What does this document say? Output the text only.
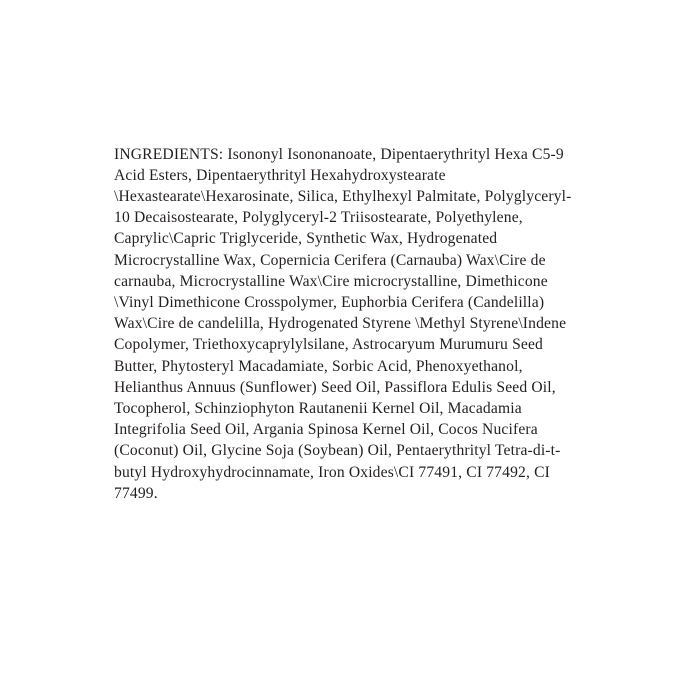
INGREDIENTS: Isononyl Isononanoate, Dipentaerythrityl Hexa C5-9 Acid Esters, Dipentaerythrityl Hexahydroxystearate \Hexastearate\Hexarosinate, Silica, Ethylhexyl Palmitate, Polyglyceryl-10 Decaisostearate, Polyglyceryl-2 Triisostearate, Polyethylene, Caprylic\Capric Triglyceride, Synthetic Wax, Hydrogenated Microcrystalline Wax, Copernicia Cerifera (Carnauba) Wax\Cire de carnauba, Microcrystalline Wax\Cire microcrystalline, Dimethicone \Vinyl Dimethicone Crosspolymer, Euphorbia Cerifera (Candelilla) Wax\Cire de candelilla, Hydrogenated Styrene \Methyl Styrene\Indene Copolymer, Triethoxycaprylylsilane, Astrocaryum Murumuru Seed Butter, Phytosteryl Macadamiate, Sorbic Acid, Phenoxyethanol, Helianthus Annuus (Sunflower) Seed Oil, Passiflora Edulis Seed Oil, Tocopherol, Schinziophyton Rautanenii Kernel Oil, Macadamia Integrifolia Seed Oil, Argania Spinosa Kernel Oil, Cocos Nucifera (Coconut) Oil, Glycine Soja (Soybean) Oil, Pentaerythrityl Tetra-di-t-butyl Hydroxyhydrocinnamate, Iron Oxides\CI 77491, CI 77492, CI 77499.
